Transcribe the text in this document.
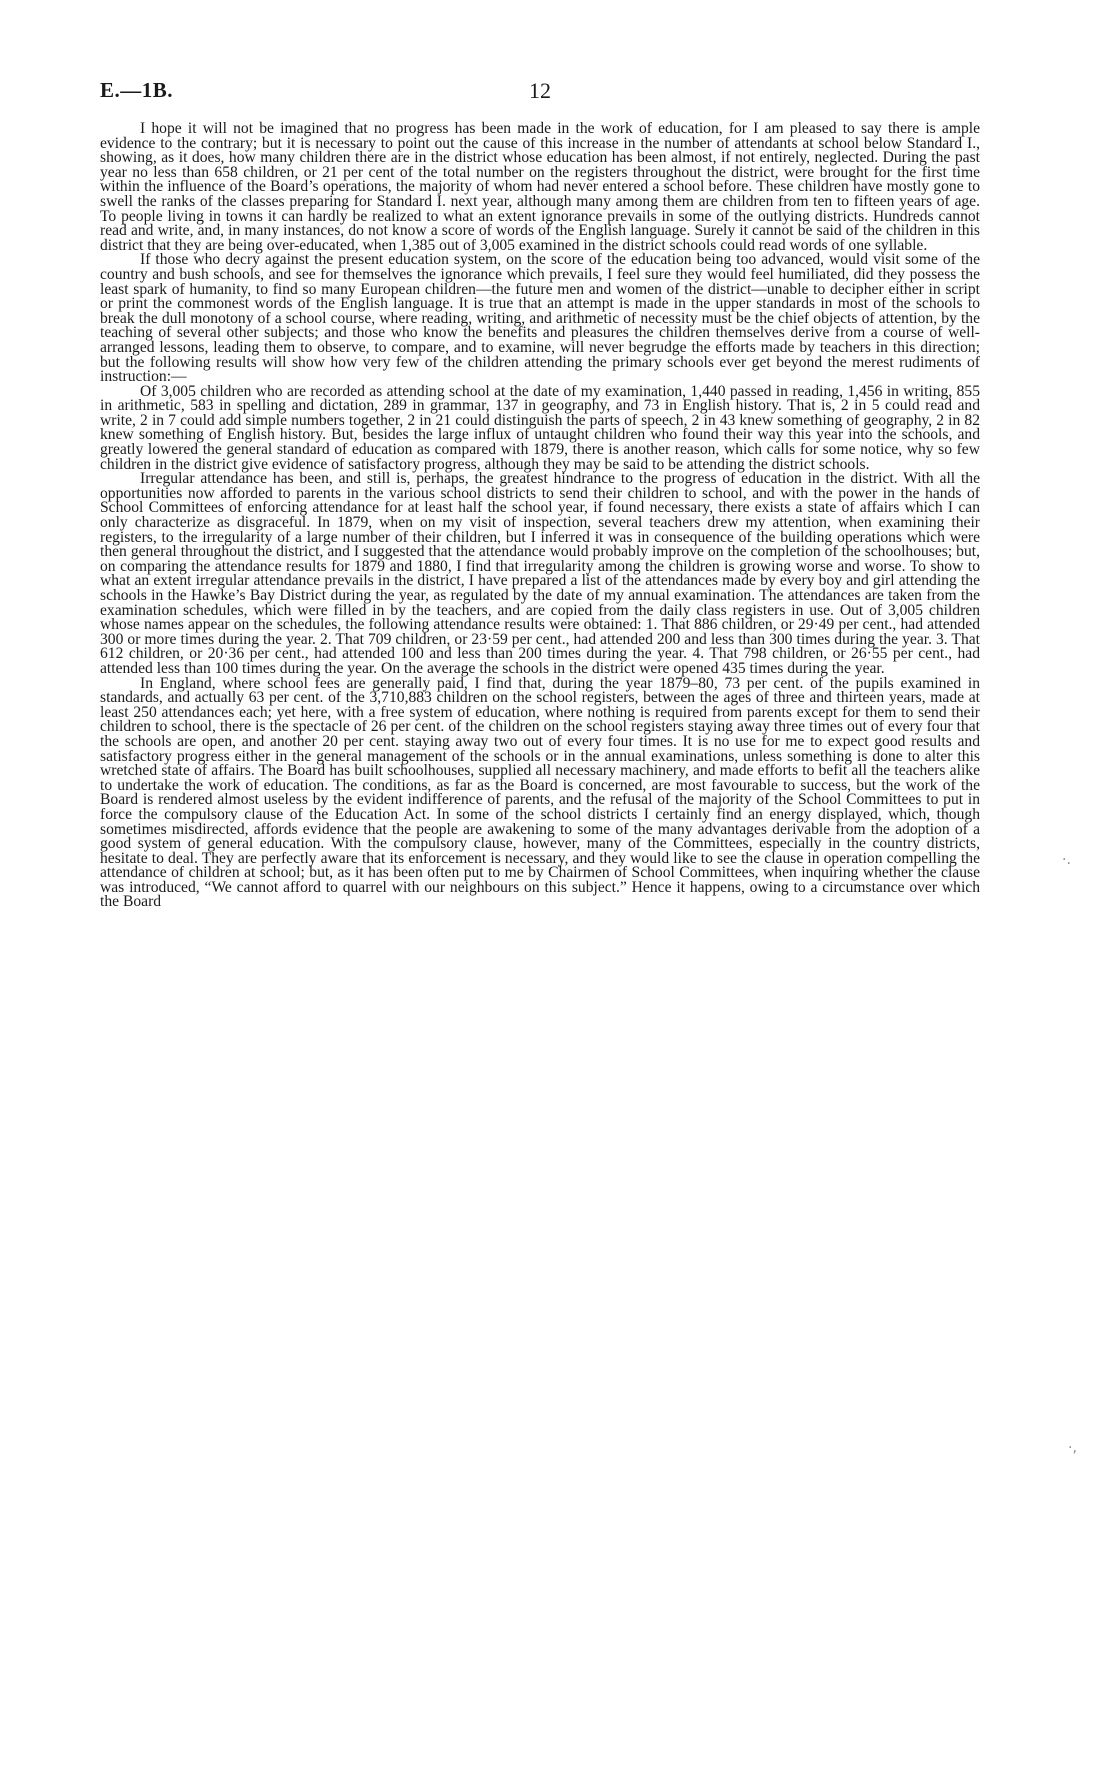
E.—1B.	12

I hope it will not be imagined that no progress has been made in the work of education, for I am pleased to say there is ample evidence to the contrary; but it is necessary to point out the cause of this increase in the number of attendants at school below Standard I., showing, as it does, how many children there are in the district whose education has been almost, if not entirely, neglected. During the past year no less than 658 children, or 21 per cent of the total number on the registers throughout the district, were brought for the first time within the influence of the Board’s operations, the majority of whom had never entered a school before. These children have mostly gone to swell the ranks of the classes preparing for Standard I. next year, although many among them are children from ten to fifteen years of age. To people living in towns it can hardly be realized to what an extent ignorance prevails in some of the outlying districts. Hundreds cannot read and write, and, in many instances, do not know a score of words of the English language. Surely it cannot be said of the children in this district that they are being over-educated, when 1,385 out of 3,005 examined in the district schools could read words of one syllable.

If those who decry against the present education system, on the score of the education being too advanced, would visit some of the country and bush schools, and see for themselves the ignorance which prevails, I feel sure they would feel humiliated, did they possess the least spark of humanity, to find so many European children—the future men and women of the district—unable to decipher either in script or print the commonest words of the English language. It is true that an attempt is made in the upper standards in most of the schools to break the dull monotony of a school course, where reading, writing, and arithmetic of necessity must be the chief objects of attention, by the teaching of several other subjects; and those who know the benefits and pleasures the children themselves derive from a course of well-arranged lessons, leading them to observe, to compare, and to examine, will never begrudge the efforts made by teachers in this direction; but the following results will show how very few of the children attending the primary schools ever get beyond the merest rudiments of instruction:—

Of 3,005 children who are recorded as attending school at the date of my examination, 1,440 passed in reading, 1,456 in writing, 855 in arithmetic, 583 in spelling and dictation, 289 in grammar, 137 in geography, and 73 in English history. That is, 2 in 5 could read and write, 2 in 7 could add simple numbers together, 2 in 21 could distinguish the parts of speech, 2 in 43 knew something of geography, 2 in 82 knew something of English history. But, besides the large influx of untaught children who found their way this year into the schools, and greatly lowered the general standard of education as compared with 1879, there is another reason, which calls for some notice, why so few children in the district give evidence of satisfactory progress, although they may be said to be attending the district schools.

Irregular attendance has been, and still is, perhaps, the greatest hindrance to the progress of education in the district. With all the opportunities now afforded to parents in the various school districts to send their children to school, and with the power in the hands of School Committees of enforcing attendance for at least half the school year, if found necessary, there exists a state of affairs which I can only characterize as disgraceful. In 1879, when on my visit of inspection, several teachers drew my attention, when examining their registers, to the irregularity of a large number of their children, but I inferred it was in consequence of the building operations which were then general throughout the district, and I suggested that the attendance would probably improve on the completion of the schoolhouses; but, on comparing the attendance results for 1879 and 1880, I find that irregularity among the children is growing worse and worse. To show to what an extent irregular attendance prevails in the district, I have prepared a list of the attendances made by every boy and girl attending the schools in the Hawke’s Bay District during the year, as regulated by the date of my annual examination. The attendances are taken from the examination schedules, which were filled in by the teachers, and are copied from the daily class registers in use. Out of 3,005 children whose names appear on the schedules, the following attendance results were obtained: 1. That 886 children, or 29·49 per cent., had attended 300 or more times during the year. 2. That 709 children, or 23·59 per cent., had attended 200 and less than 300 times during the year. 3. That 612 children, or 20·36 per cent., had attended 100 and less than 200 times during the year. 4. That 798 children, or 26·55 per cent., had attended less than 100 times during the year. On the average the schools in the district were opened 435 times during the year.

In England, where school fees are generally paid, I find that, during the year 1879–80, 73 per cent. of the pupils examined in standards, and actually 63 per cent. of the 3,710,883 children on the school registers, between the ages of three and thirteen years, made at least 250 attendances each; yet here, with a free system of education, where nothing is required from parents except for them to send their children to school, there is the spectacle of 26 per cent. of the children on the school registers staying away three times out of every four that the schools are open, and another 20 per cent. staying away two out of every four times. It is no use for me to expect good results and satisfactory progress either in the general management of the schools or in the annual examinations, unless something is done to alter this wretched state of affairs. The Board has built schoolhouses, supplied all necessary machinery, and made efforts to befit all the teachers alike to undertake the work of education. The conditions, as far as the Board is concerned, are most favourable to success, but the work of the Board is rendered almost useless by the evident indifference of parents, and the refusal of the majority of the School Committees to put in force the compulsory clause of the Education Act. In some of the school districts I certainly find an energy displayed, which, though sometimes misdirected, affords evidence that the people are awakening to some of the many advantages derivable from the adoption of a good system of general education. With the compulsory clause, however, many of the Committees, especially in the country districts, hesitate to deal. They are perfectly aware that its enforcement is necessary, and they would like to see the clause in operation compelling the attendance of children at school; but, as it has been often put to me by Chairmen of School Committees, when inquiring whether the clause was introduced, “We cannot afford to quarrel with our neighbours on this subject.” Hence it happens, owing to a circumstance over which the Board

·.
·,
